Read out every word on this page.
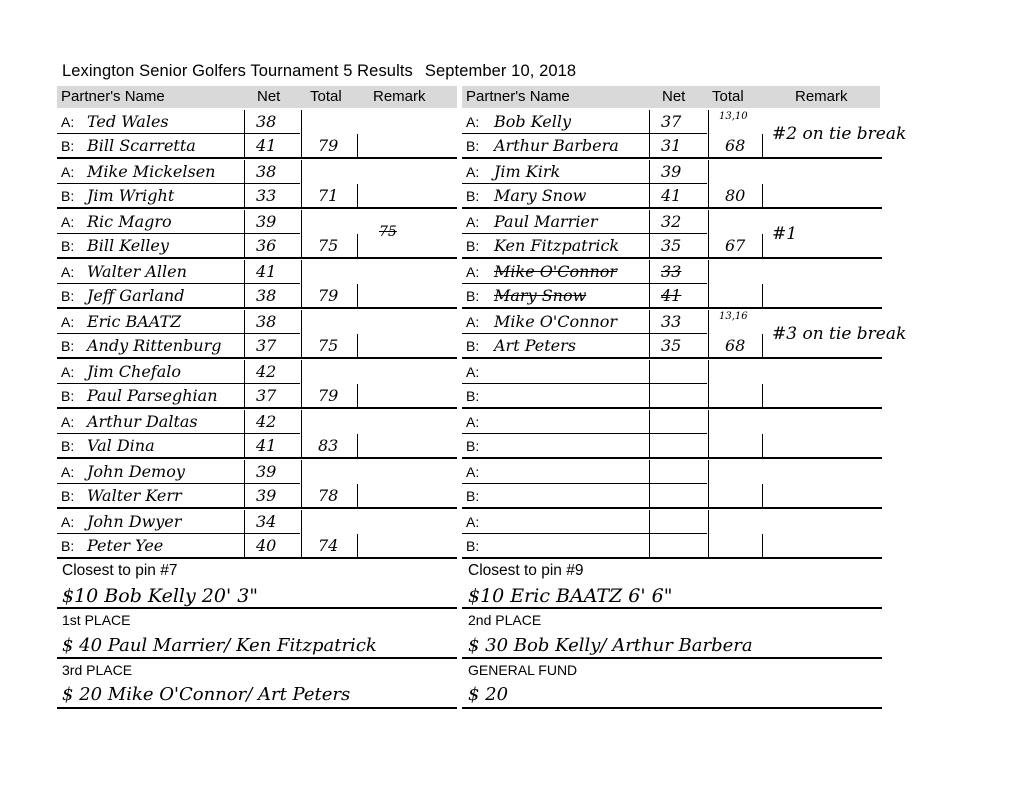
Lexington Senior Golfers Tournament 5 Results September 10, 2018
Partner's Name	Net Total Remark	Partner's Name	Net Total	Remark
A: Ted Wales	38
B: Bill Scarretta	41	79
A: Mike Mickelsen	38
B: Jim Wright	33	71
A: Ric Magro	39
B: Bill Kelley	36	75
75
A: Walter Allen	41
B: Jeff Garland	38	79
A: Eric BAATZ	38
B: Andy Rittenburg 37	75
A: Jim Chefalo	42
B: Paul Parseghian 37	79
A: Arthur Daltas	42
B: Val Dina	41	83
A: John Demoy	39
B: Walter Kerr	39	78
A: John Dwyer	34
B: Peter Yee	40	74
A: Bob Kelly	37
B: Arthur Barbera	31	68
13,10
#2 on tie break
A: Jim Kirk	39
B: Mary Snow	41	80
A: Paul Marrier	32
B: Ken Fitzpatrick	35	67
#1
A: Mike O'Connor	33
B: Mary Snow	41
A: Mike O'Connor	33
B: Art Peters	35	68
13,16
#3 on tie break
A:
B:
A:
B:
A:
B:
A:
B:
Closest to pin #7
$10 Bob Kelly 20' 3"
Closest to pin #9
$10 Eric BAATZ 6' 6"
1st PLACE
$ 40 Paul Marrier/ Ken Fitzpatrick
2nd PLACE
$ 30 Bob Kelly/ Arthur Barbera
3rd PLACE
$ 20 Mike O'Connor/ Art Peters
GENERAL FUND
$ 20
